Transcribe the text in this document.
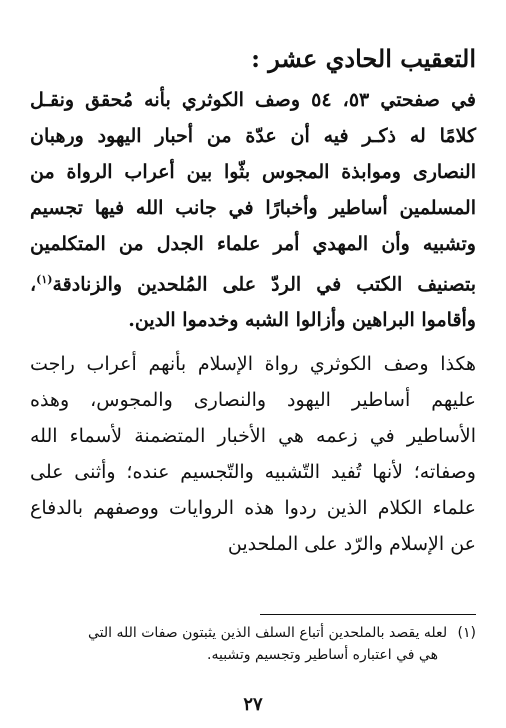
التعقيب الحادي عشر :

في صفحتي ٥٣، ٥٤ وصف الكوثري بأنه مُحقق ونقـل كلامًا له ذكـر فيه أن عدّة من أحبار اليهود ورهبان النصارى وموابذة المجوس بثّوا بين أعراب الرواة من المسلمين أساطير وأخبارًا في جانب الله فيها تجسيم وتشبيه وأن المهدي أمر علماء الجدل من المتكلمين بتصنيف الكتب في الردّ على المُلحدين والزنادقة$^{(١)}$، وأقاموا البراهين وأزالوا الشبه وخدموا الدين.

هكذا وصف الكوثري رواة الإسلام بأنهم أعراب راجت عليهم أساطير اليهود والنصارى والمجوس، وهذه الأساطير في زعمه هي الأخبار المتضمنة لأسماء الله وصفاته؛ لأنها تُفيد التّشبيه والتّجسيم عنده؛ وأثنى على علماء الكلام الذين ردوا هذه الروايات ووصفهم بالدفاع عن الإسلام والرّد على الملحدين

(١) لعله يقصد بالملحدين أتباع السلف الذين يثبتون صفات الله التي
هي في اعتباره أساطير وتجسيم وتشبيه.
٢٧
